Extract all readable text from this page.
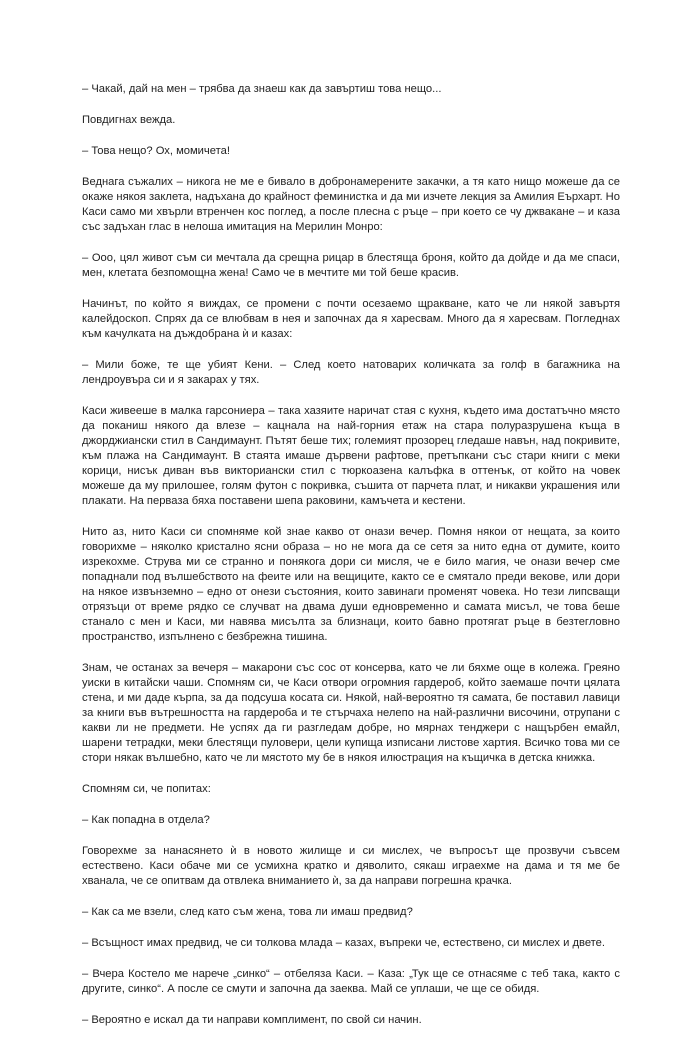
– Чакай, дай на мен – трябва да знаеш как да завъртиш това нещо...

Повдигнах вежда.

– Това нещо? Ох, момичета!

Веднага съжалих – никога не ме е бивало в добронамерените закачки, а тя като нищо можеше да се окаже някоя заклета, надъхана до крайност феминистка и да ми изчете лекция за Амилия Еърхарт. Но Каси само ми хвърли втренчен кос поглед, а после плесна с ръце – при което се чу джвакане – и каза със задъхан глас в нелоша имитация на Мерилин Монро:

– Ооо, цял живот съм си мечтала да срещна рицар в блестяща броня, който да дойде и да ме спаси, мен, клетата безпомощна жена! Само че в мечтите ми той беше красив.

Начинът, по който я виждах, се промени с почти осезаемо щракване, като че ли някой завъртя калейдоскоп. Спрях да се влюбвам в нея и започнах да я харесвам. Много да я харесвам. Погледнах към качулката на дъждобрана ѝ и казах:

– Мили боже, те ще убият Кени. – След което натоварих количката за голф в багажника на лендроувъра си и я закарах у тях.

Каси живееше в малка гарсониера – така хазяите наричат стая с кухня, където има достатъчно място да поканиш някого да влезе – кацнала на най-горния етаж на стара полуразрушена къща в джорджиански стил в Сандимаунт. Пътят беше тих; големият прозорец гледаше навън, над покривите, към плажа на Сандимаунт. В стаята имаше дървени рафтове, претъпкани със стари книги с меки корици, нисък диван във викториански стил с тюркоазена калъфка в оттенък, от който на човек можеше да му прилошее, голям футон с покривка, съшита от парчета плат, и никакви украшения или плакати. На перваза бяха поставени шепа раковини, камъчета и кестени.

Нито аз, нито Каси си спомняме кой знае какво от онази вечер. Помня някои от нещата, за които говорихме – няколко кристално ясни образа – но не мога да се сетя за нито една от думите, които изрекохме. Струва ми се странно и понякога дори си мисля, че е било магия, че онази вечер сме попаднали под вълшебството на феите или на вещиците, както се е смятало преди векове, или дори на някое извънземно – едно от онези състояния, които завинаги променят човека. Но тези липсващи отрязъци от време рядко се случват на двама души едновременно и самата мисъл, че това беше станало с мен и Каси, ми навява мисълта за близнаци, които бавно протягат ръце в безтегловно пространство, изпълнено с безбрежна тишина.

Знам, че останах за вечеря – макарони със сос от консерва, като че ли бяхме още в колежа. Греяно уиски в китайски чаши. Спомням си, че Каси отвори огромния гардероб, който заемаше почти цялата стена, и ми даде кърпа, за да подсуша косата си. Някой, най-вероятно тя самата, бе поставил лавици за книги във вътрешността на гардероба и те стърчаха нелепо на най-различни височини, отрупани с какви ли не предмети. Не успях да ги разгледам добре, но мярнах тенджери с нащърбен емайл, шарени тетрадки, меки блестящи пуловери, цели купища изписани листове хартия. Всичко това ми се стори някак вълшебно, като че ли мястото му бе в някоя илюстрация на къщичка в детска книжка.

Спомням си, че попитах:

– Как попадна в отдела?

Говорехме за нанасянето ѝ в новото жилище и си мислех, че въпросът ще прозвучи съвсем естествено. Каси обаче ми се усмихна кратко и дяволито, сякаш играехме на дама и тя ме бе хванала, че се опитвам да отвлека вниманието ѝ, за да направи погрешна крачка.

– Как са ме взели, след като съм жена, това ли имаш предвид?

– Всъщност имах предвид, че си толкова млада – казах, въпреки че, естествено, си мислех и двете.

– Вчера Костело ме нарече „синко“ – отбеляза Каси. – Каза: „Тук ще се отнасяме с теб така, както с другите, синко“. А после се смути и започна да заеква. Май се уплаши, че ще се обидя.

– Вероятно е искал да ти направи комплимент, по свой си начин.
